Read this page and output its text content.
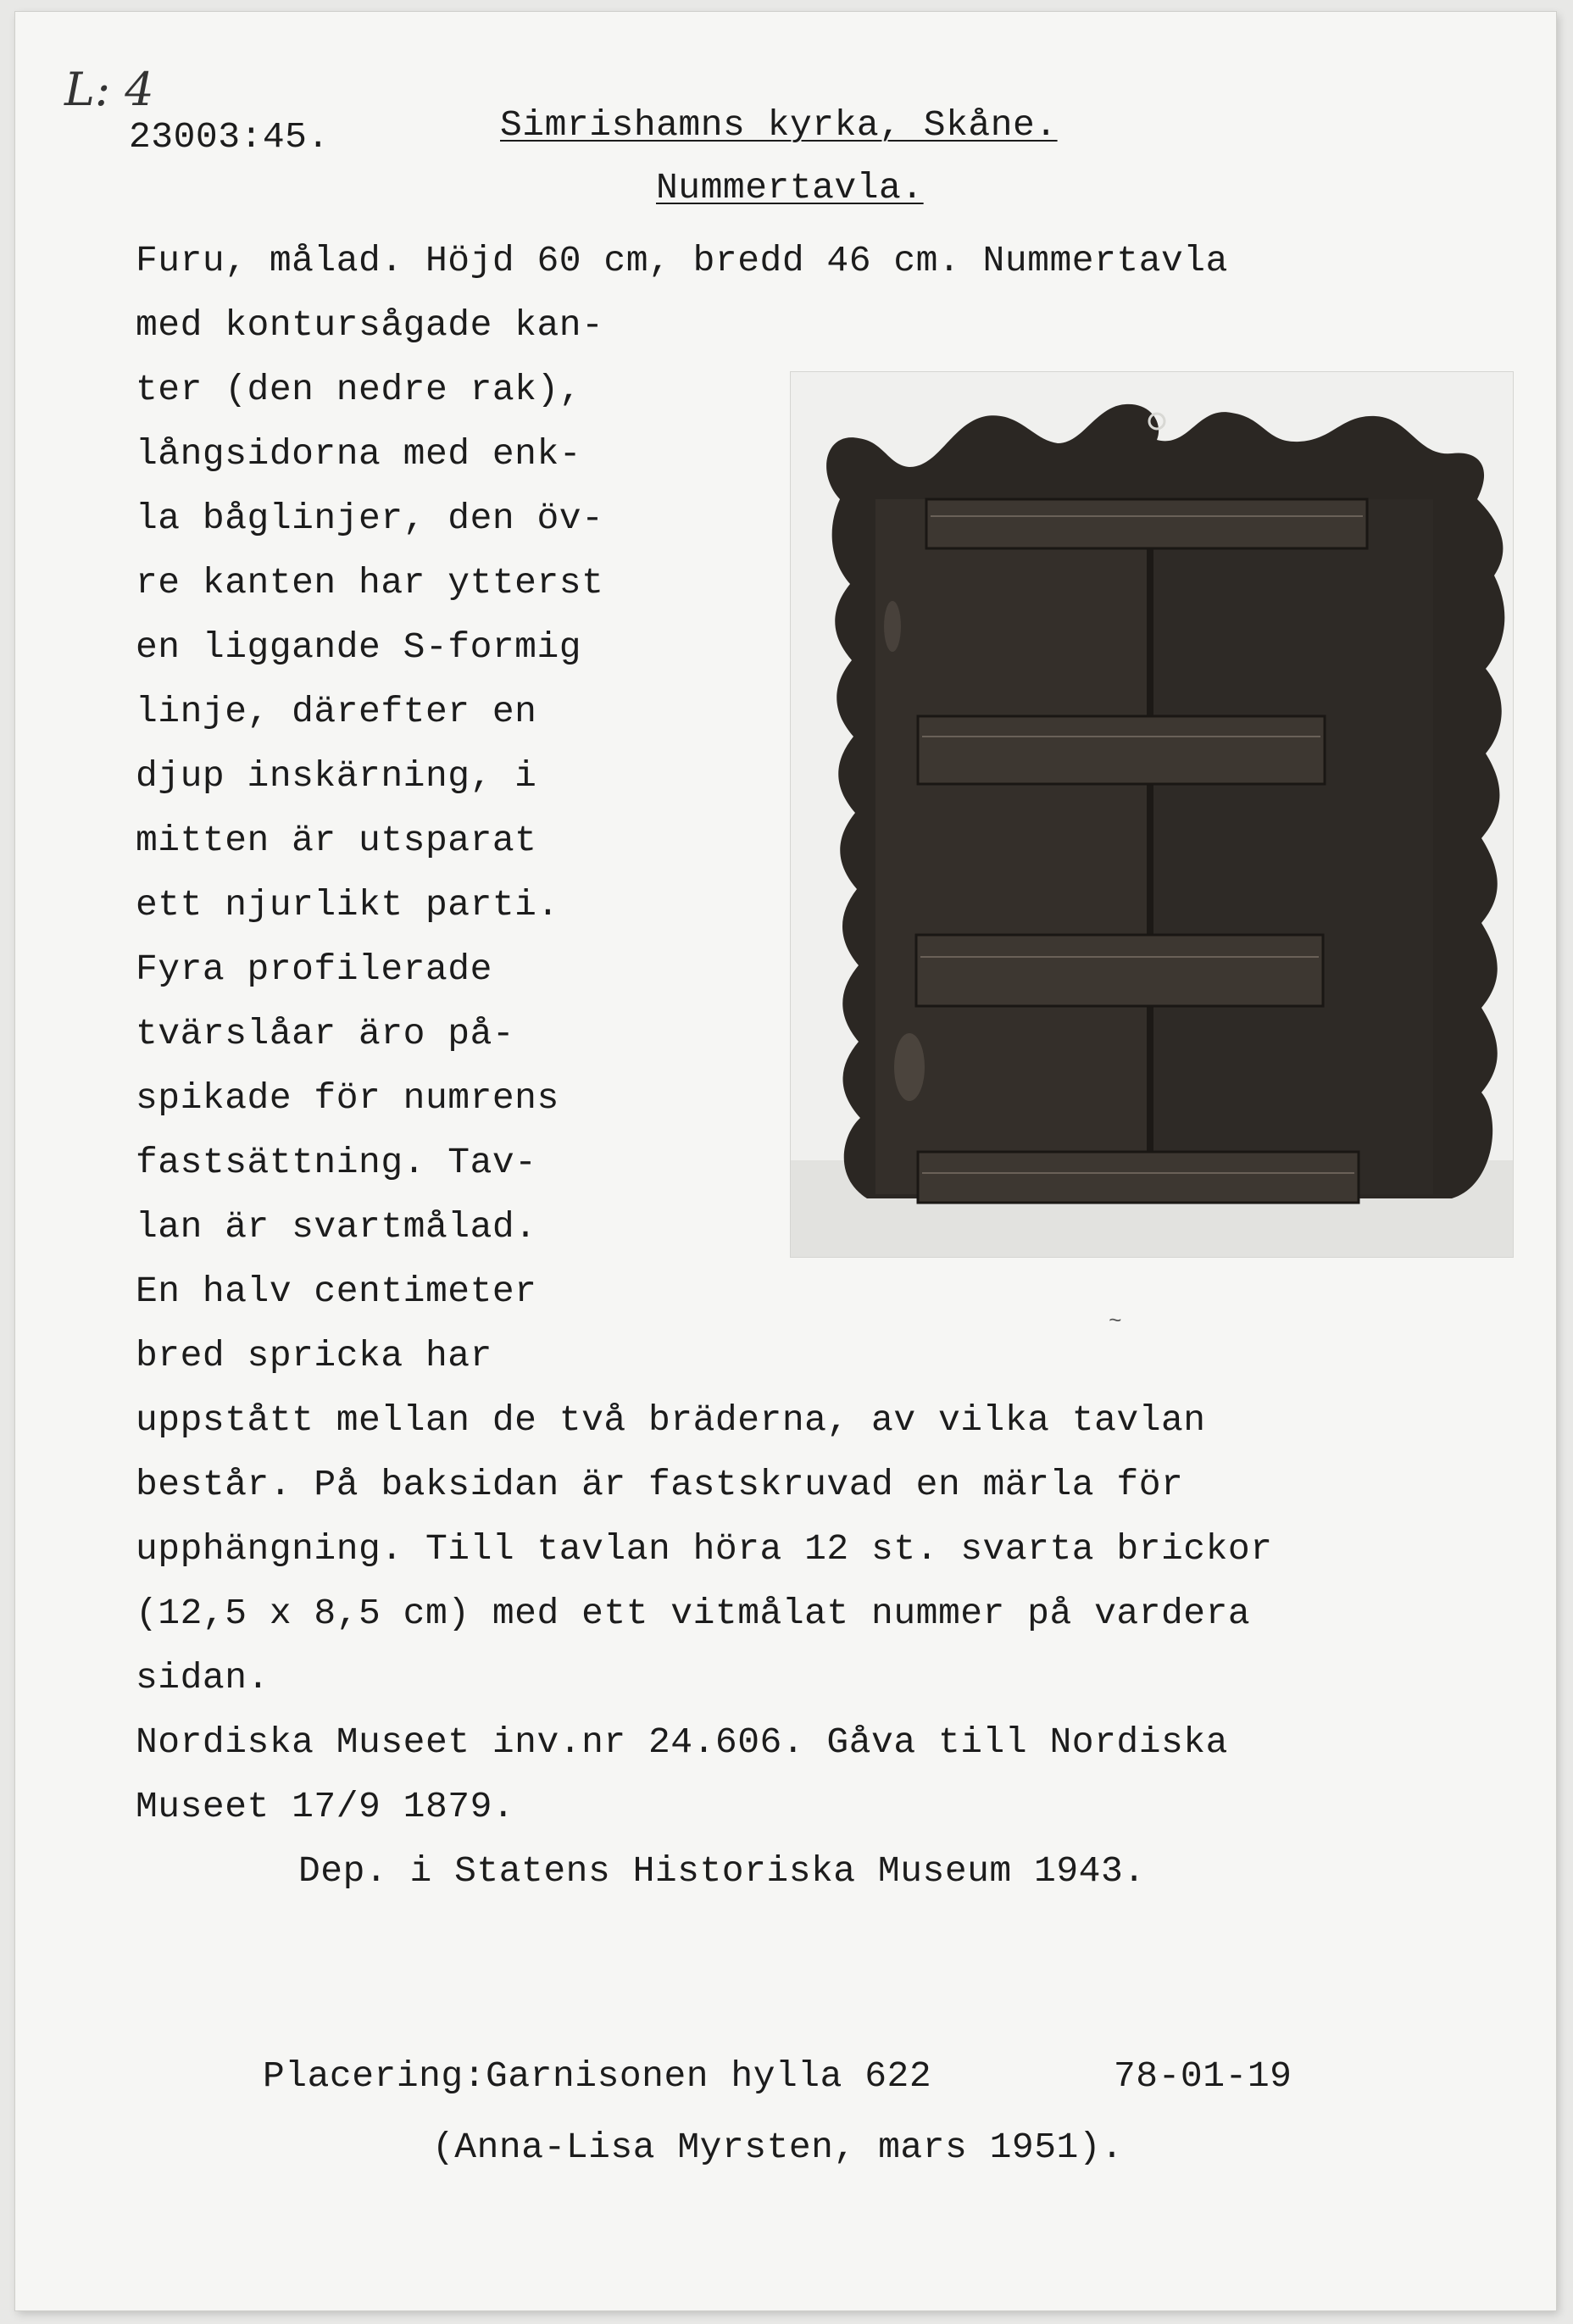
L: 4
23003:45.	Simrishamns kyrka, Skåne.
Nummertavla.
Furu, målad. Höjd 60 cm, bredd 46 cm. Nummertavla
med kontursågade kan-
ter (den nedre rak),
långsidorna med enk-
la båglinjer, den öv-
re kanten har ytterst
en liggande S-formig
linje, därefter en
djup inskärning, i
mitten är utsparat
ett njurlikt parti.
Fyra profilerade
tvärslåar äro på-
spikade för numrens
fastsättning. Tav-
lan är svartmålad.
En halv centimeter
bred spricka har
uppstått mellan de två bräderna, av vilka tavlan
består. På baksidan är fastskruvad en märla för
upphängning. Till tavlan höra 12 st. svarta brickor
(12,5 x 8,5 cm) med ett vitmålat nummer på vardera
sidan.
Nordiska Museet inv.nr 24.606. Gåva till Nordiska
Museet 17/9 1879.
Dep. i Statens Historiska Museum 1943.
Placering:Garnisonen hylla 622	78-01-19
(Anna-Lisa Myrsten, mars 1951).
~
